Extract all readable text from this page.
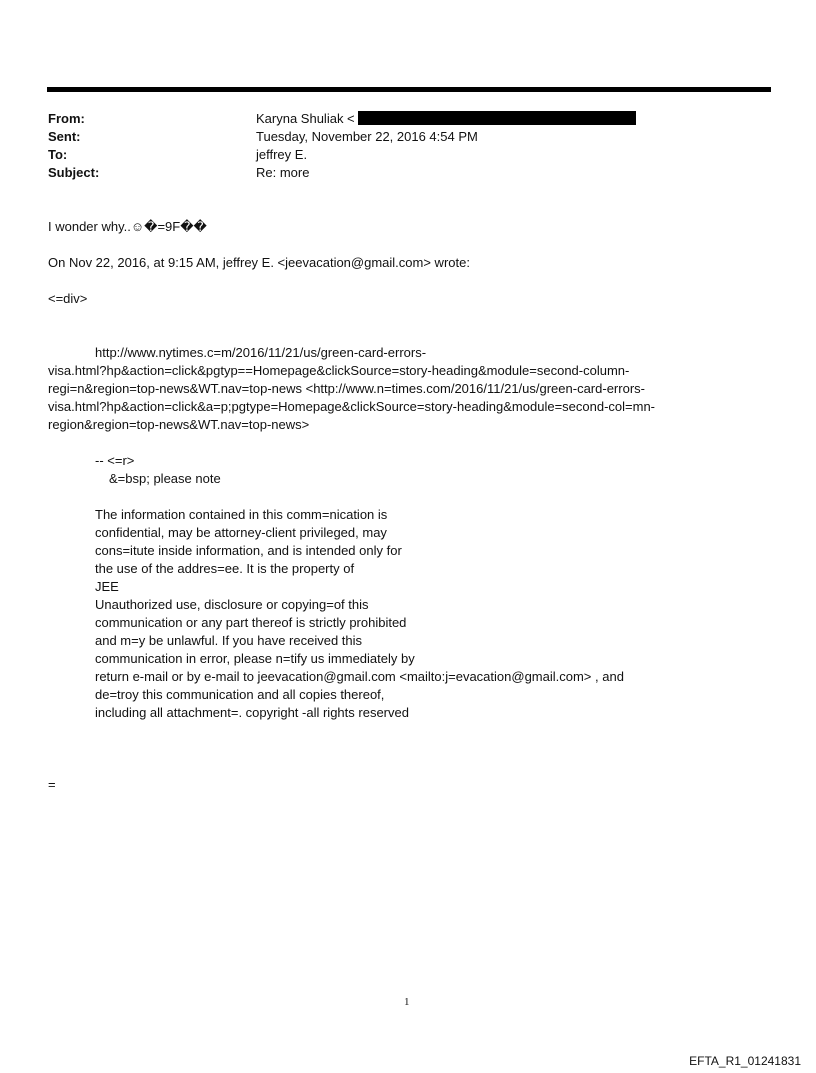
From:	Karyna Shuliak <
Sent:	Tuesday, November 22, 2016 4:54 PM
To:	jeffrey E.
Subject:	Re: more

I wonder why..☺�=9F��

On Nov 22, 2016, at 9:15 AM, jeffrey E. <jeevacation@gmail.com> wrote:

<=div>

http://www.nytimes.c=m/2016/11/21/us/green-card-errors-

visa.html?hp&action=click&pgtyp==Homepage&clickSource=story-heading&module=second-column-

regi=n&region=top-news&WT.nav=top-news <http://www.n=times.com/2016/11/21/us/green-card-errors-

visa.html?hp&action=click&a=p;pgtype=Homepage&clickSource=story-heading&module=second-col=mn-

region&region=top-news&WT.nav=top-news>

-- <=r>

&=bsp; please note

The information contained in this comm=nication is

confidential, may be attorney-client privileged, may

cons=itute inside information, and is intended only for

the use of the addres=ee. It is the property of

JEE

Unauthorized use, disclosure or copying=of this

communication or any part thereof is strictly prohibited

and m=y be unlawful. If you have received this

communication in error, please n=tify us immediately by

return e-mail or by e-mail to jeevacation@gmail.com <mailto:j=evacation@gmail.com> , and

de=troy this communication and all copies thereof,

including all attachment=. copyright -all rights reserved

=

1
EFTA_R1_01241831
